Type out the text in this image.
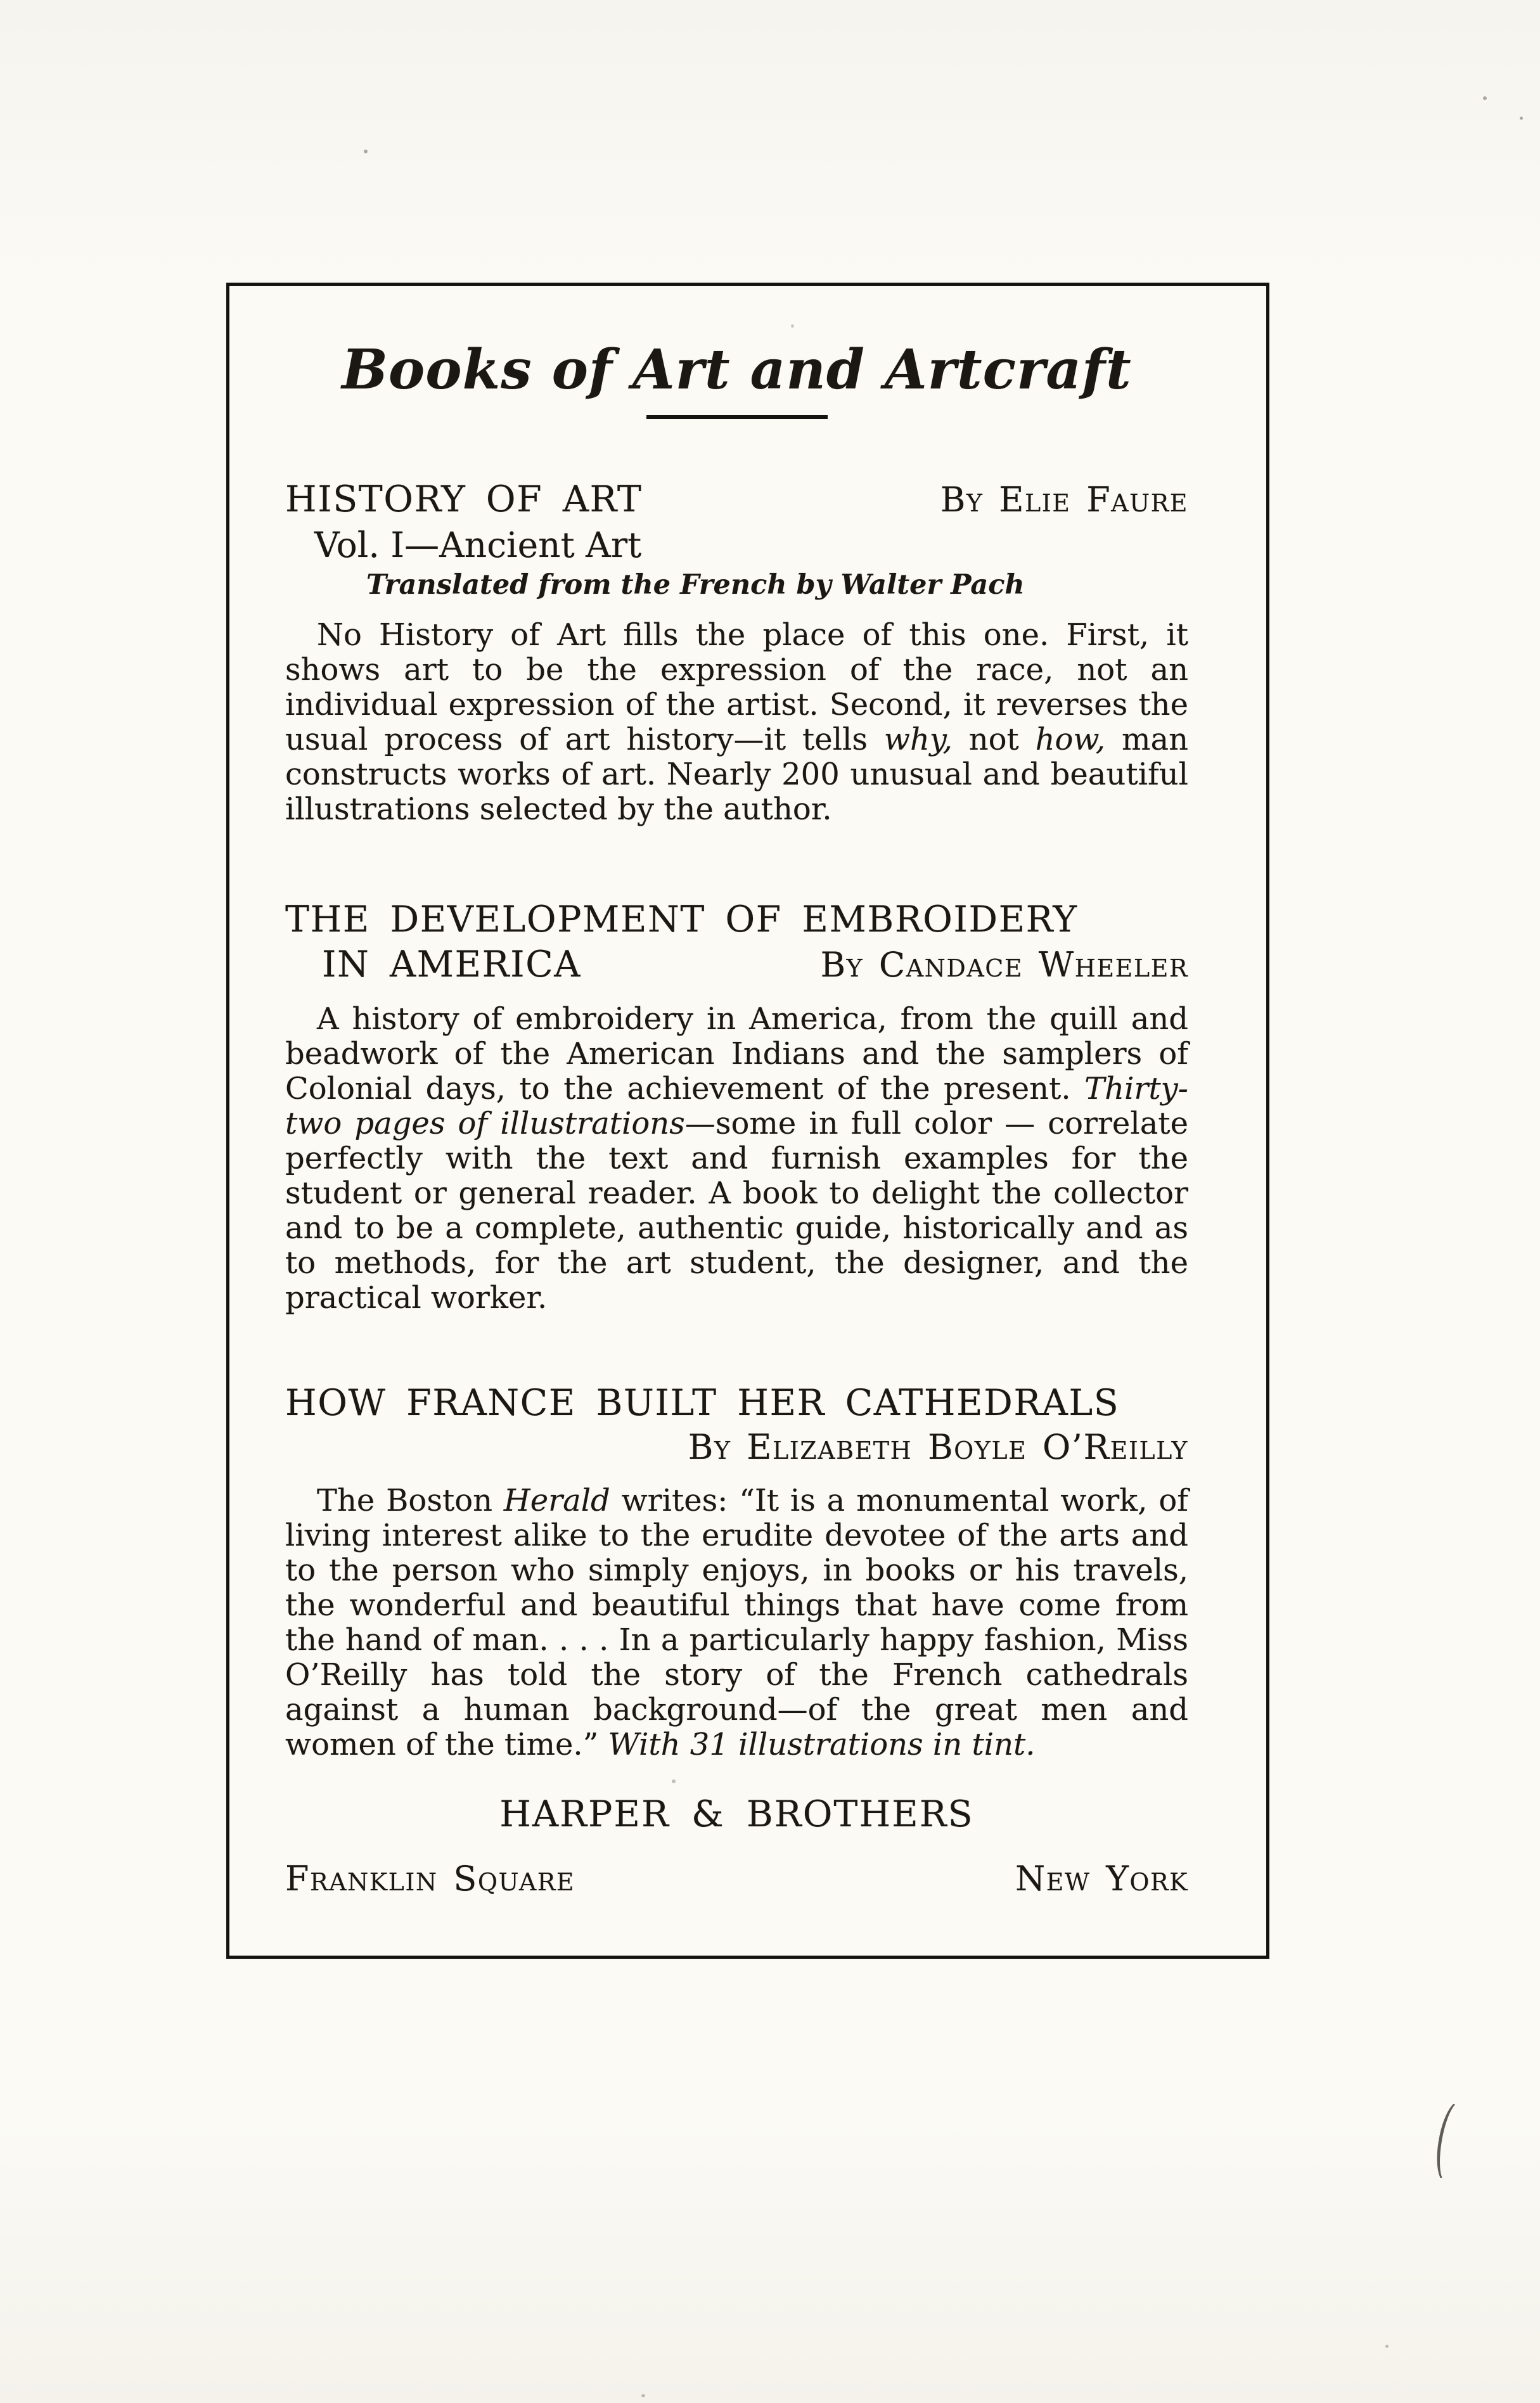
Books of Art and Artcraft
HISTORY OF ART	By Elie Faure
Vol. I—Ancient Art
Translated from the French by Walter Pach

No History of Art fills the place of this one. First, it shows art to be the expression of the race, not an individual expression of the artist. Second, it reverses the usual process of art history—it tells why, not how, man constructs works of art. Nearly 200 unusual and beautiful illustrations selected by the author.

THE DEVELOPMENT OF EMBROIDERY
IN AMERICA	By Candace Wheeler

A history of embroidery in America, from the quill and beadwork of the American Indians and the samplers of Colonial days, to the achievement of the present. Thirty-two pages of illustrations—some in full color — correlate perfectly with the text and furnish examples for the student or general reader. A book to delight the collector and to be a complete, authentic guide, historically and as to methods, for the art student, the designer, and the practical worker.

HOW FRANCE BUILT HER CATHEDRALS
By Elizabeth Boyle O’Reilly

The Boston Herald writes: “It is a monumental work, of living interest alike to the erudite devotee of the arts and to the person who simply enjoys, in books or his travels, the wonderful and beautiful things that have come from the hand of man. . . . In a particularly happy fashion, Miss O’Reilly has told the story of the French cathedrals against a human background—of the great men and women of the time.” With 31 illustrations in tint.

HARPER & BROTHERS
Franklin Square	New York
